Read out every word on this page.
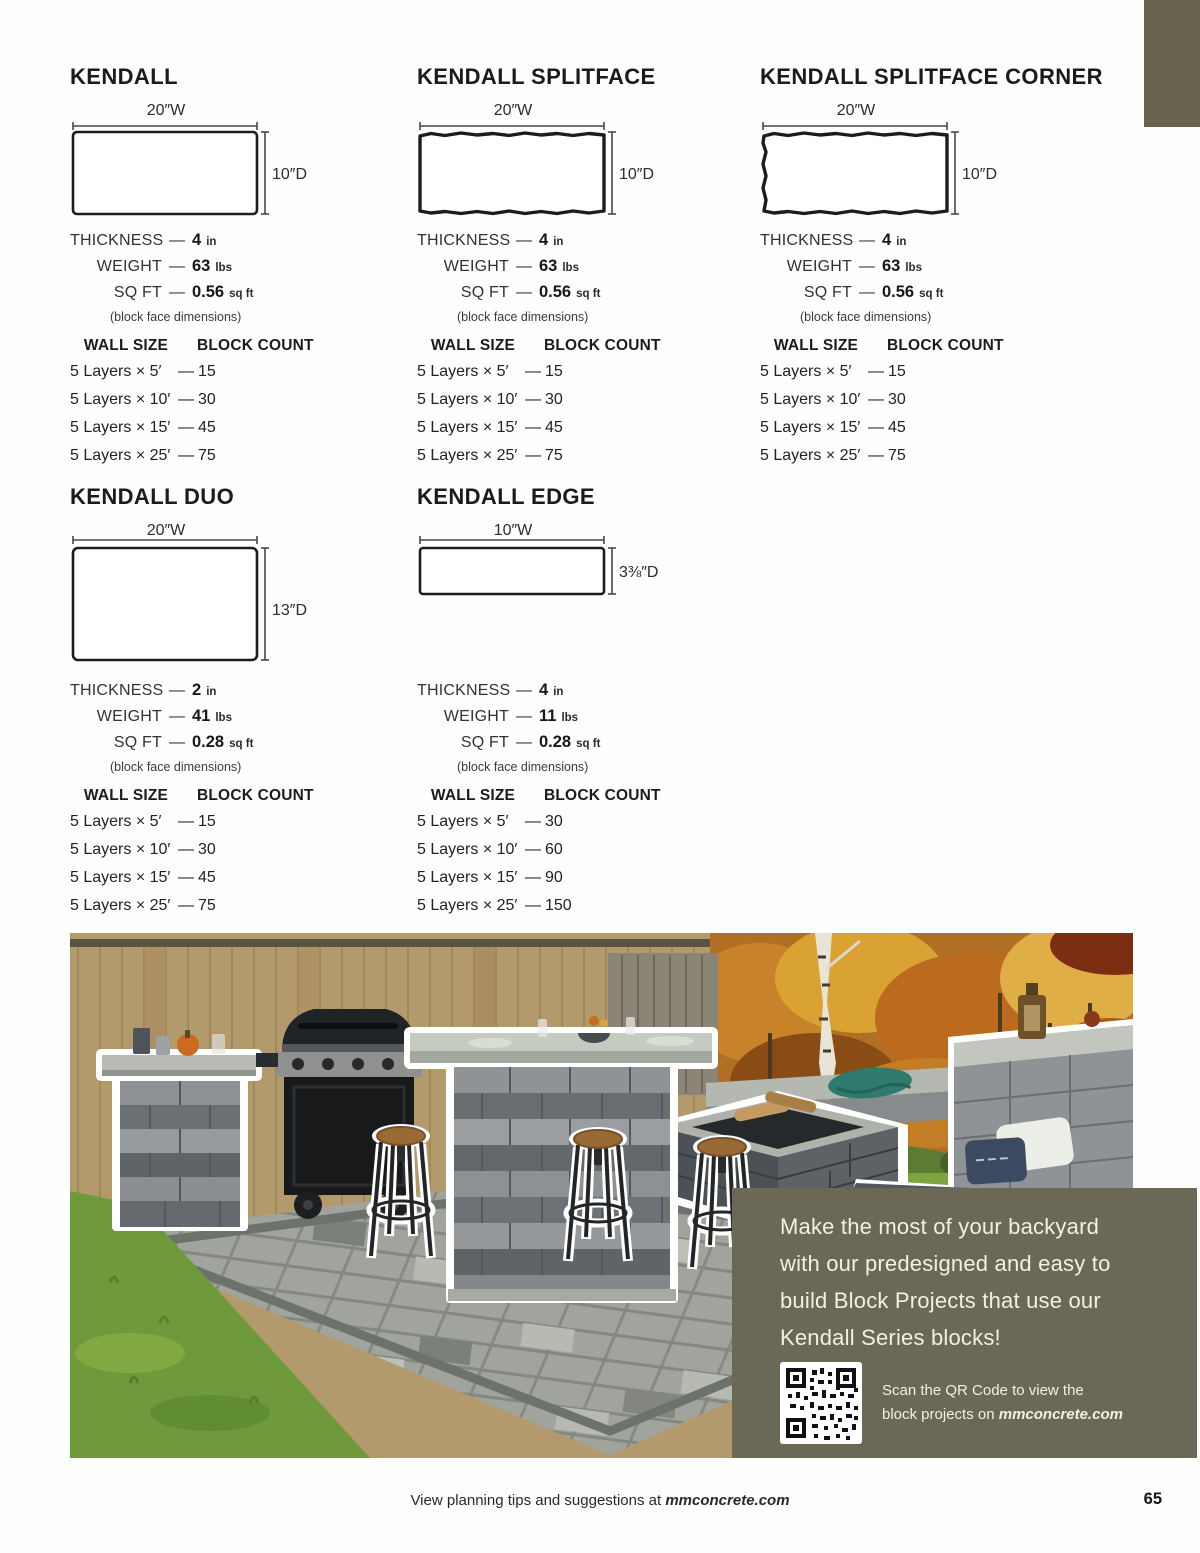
KENDALL
20″W
10″D
THICKNESS — 4 in
WEIGHT — 63 lbs
SQ FT — 0.56 sq ft
(block face dimensions)
WALL SIZE	BLOCK COUNT
5 Layers × 5′	— 15
5 Layers × 10′ — 30
5 Layers × 15′ — 45
5 Layers × 25′ — 75
KENDALL SPLITFACE
20″W
10″D
THICKNESS — 4 in
WEIGHT — 63 lbs
SQ FT — 0.56 sq ft
(block face dimensions)
WALL SIZE	BLOCK COUNT
5 Layers × 5′	— 15
5 Layers × 10′ — 30
5 Layers × 15′ — 45
5 Layers × 25′ — 75
KENDALL SPLITFACE CORNER
20″W
10″D
THICKNESS — 4 in
WEIGHT — 63 lbs
SQ FT — 0.56 sq ft
(block face dimensions)
WALL SIZE	BLOCK COUNT
5 Layers × 5′	— 15
5 Layers × 10′ — 30
5 Layers × 15′ — 45
5 Layers × 25′ — 75
KENDALL DUO
20″W
13″D
THICKNESS — 2 in
WEIGHT — 41 lbs
SQ FT — 0.28 sq ft
(block face dimensions)
WALL SIZE	BLOCK COUNT
5 Layers × 5′	— 15
5 Layers × 10′ — 30
5 Layers × 15′ — 45
5 Layers × 25′ — 75
KENDALL EDGE
10″W
3⅜″D
THICKNESS — 4 in
WEIGHT — 11 lbs
SQ FT — 0.28 sq ft
(block face dimensions)
WALL SIZE	BLOCK COUNT
5 Layers × 5′	— 30
5 Layers × 10′ — 60
5 Layers × 15′ — 90
5 Layers × 25′ — 150

Make the most of your backyard

with our predesigned and easy to

build Block Projects that use our

Kendall Series blocks!

Scan the QR Code to view the
block projects on mmconcrete.com
View planning tips and suggestions at mmconcrete.com	65
